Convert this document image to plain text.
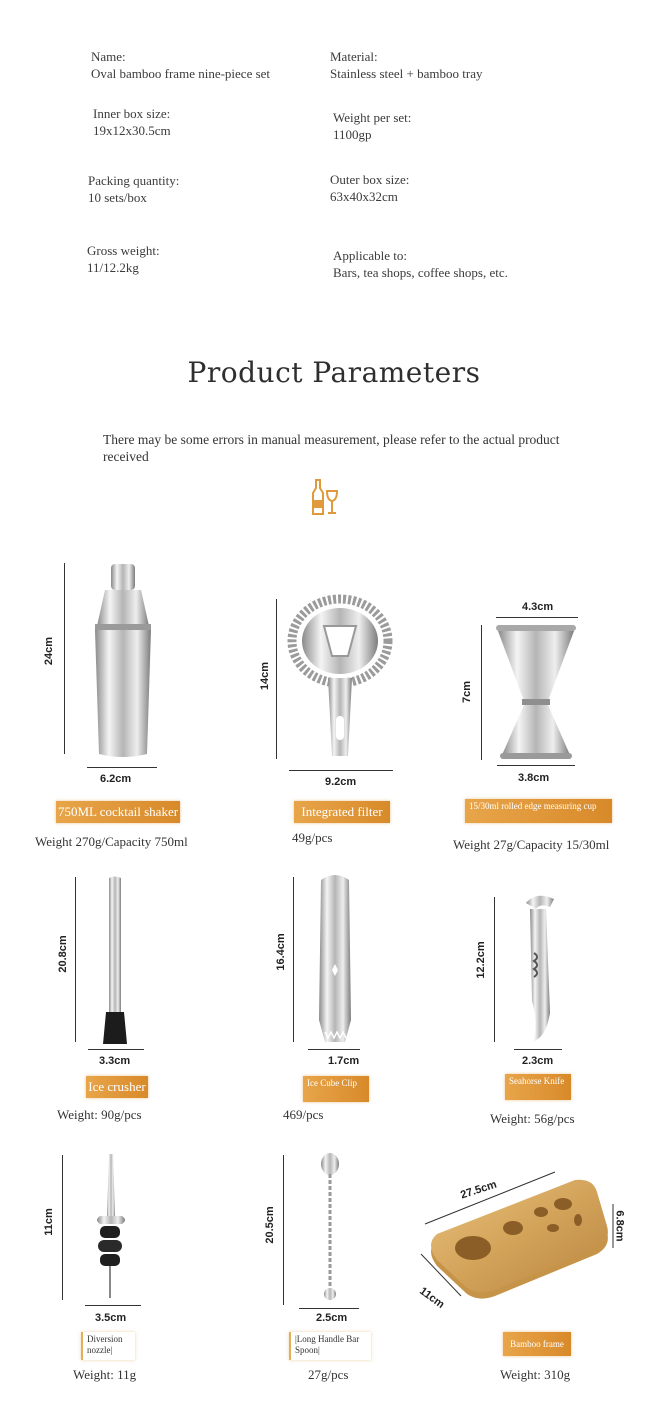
Name:
Oval bamboo frame nine-piece set
Material:
Stainless steel + bamboo tray
Inner box size:
19x12x30.5cm
Weight per set:
1100gp
Packing quantity:
10 sets/box
Outer box size:
63x40x32cm
Gross weight:
11/12.2kg
Applicable to:
Bars, tea shops, coffee shops, etc.
Product Parameters
There may be some errors in manual measurement, please refer to the actual product received
24cm
6.2cm
750ML cocktail shaker
Weight 270g/Capacity 750ml
14cm
9.2cm
Integrated filter
49g/pcs
4.3cm
7cm
3.8cm
15/30ml rolled edge measuring cup
Weight 27g/Capacity 15/30ml
20.8cm
3.3cm
Ice crusher
Weight: 90g/pcs
16.4cm
1.7cm
Ice Cube Clip
469/pcs
12.2cm
2.3cm
Seahorse Knife
Weight: 56g/pcs
11cm
3.5cm
Diversion nozzle|
Weight: 11g
20.5cm
2.5cm
|Long Handle Bar Spoon|
27g/pcs
27.5cm
6.8cm
11cm
Bamboo frame
Weight: 310g
